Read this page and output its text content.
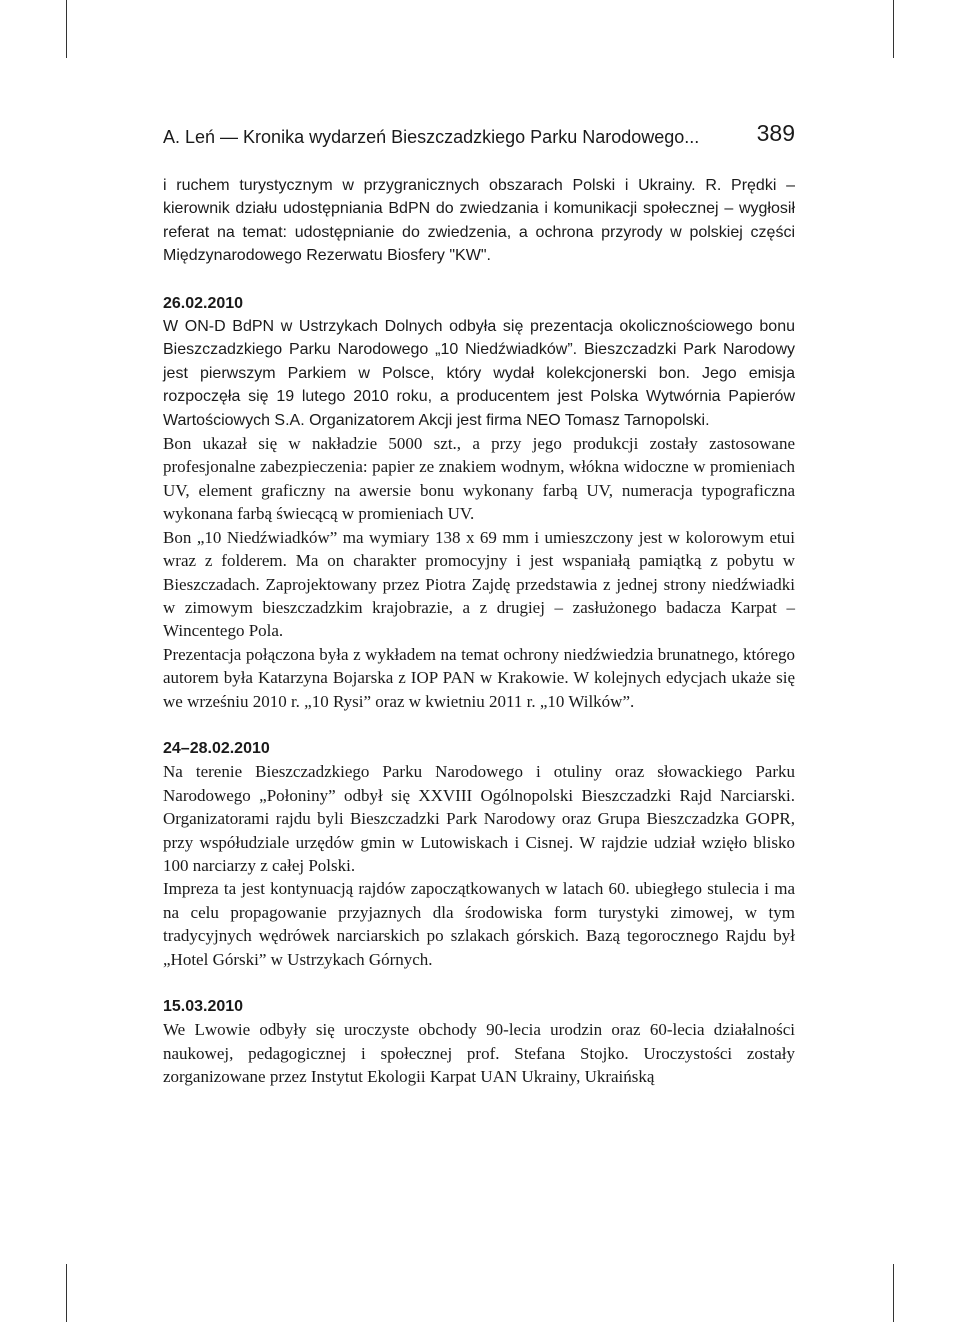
A. Leń — Kronika wydarzeń Bieszczadzkiego Parku Narodowego... 389

i ruchem turystycznym w przygranicznych obszarach Polski i Ukrainy. R. Prędki – kierownik działu udostępniania BdPN do zwiedzania i komunikacji społecznej – wygłosił referat na temat: udostępnianie do zwiedzenia, a ochrona przyrody w polskiej części Międzynarodowego Rezerwatu Biosfery "KW".

26.02.2010

W ON-D BdPN w Ustrzykach Dolnych odbyła się prezentacja okolicznościowego bonu Bieszczadzkiego Parku Narodowego „10 Niedźwiadków”. Bieszczadzki Park Narodowy jest pierwszym Parkiem w Polsce, który wydał kolekcjonerski bon. Jego emisja rozpoczęła się 19 lutego 2010 roku, a producentem jest Polska Wytwórnia Papierów Wartościowych S.A. Organizatorem Akcji jest firma NEO Tomasz Tarnopolski.

Bon ukazał się w nakładzie 5000 szt., a przy jego produkcji zostały zastosowane profesjonalne zabezpieczenia: papier ze znakiem wodnym, włókna widoczne w promieniach UV, element graficzny na awersie bonu wykonany farbą UV, numeracja typograficzna wykonana farbą świecącą w promieniach UV.

Bon „10 Niedźwiadków” ma wymiary 138 x 69 mm i umieszczony jest w kolorowym etui wraz z folderem. Ma on charakter promocyjny i jest wspaniałą pamiątką z pobytu w Bieszczadach. Zaprojektowany przez Piotra Zajdę przedstawia z jednej strony niedźwiadki w zimowym bieszczadzkim krajobrazie, a z drugiej – zasłużonego badacza Karpat – Wincentego Pola.

Prezentacja połączona była z wykładem na temat ochrony niedźwiedzia brunatnego, którego autorem była Katarzyna Bojarska z IOP PAN w Krakowie. W kolejnych edycjach ukaże się we wrześniu 2010 r. „10 Rysi” oraz w kwietniu 2011 r. „10 Wilków”.

24–28.02.2010

Na terenie Bieszczadzkiego Parku Narodowego i otuliny oraz słowackiego Parku Narodowego „Połoniny” odbył się XXVIII Ogólnopolski Bieszczadzki Rajd Narciarski. Organizatorami rajdu byli Bieszczadzki Park Narodowy oraz Grupa Bieszczadzka GOPR, przy współudziale urzędów gmin w Lutowiskach i Cisnej. W rajdzie udział wzięło blisko 100 narciarzy z całej Polski.

Impreza ta jest kontynuacją rajdów zapoczątkowanych w latach 60. ubiegłego stulecia i ma na celu propagowanie przyjaznych dla środowiska form turystyki zimowej, w tym tradycyjnych wędrówek narciarskich po szlakach górskich. Bazą tegorocznego Rajdu był „Hotel Górski” w Ustrzykach Górnych.

15.03.2010

We Lwowie odbyły się uroczyste obchody 90-lecia urodzin oraz 60-lecia działalności naukowej, pedagogicznej i społecznej prof. Stefana Stojko. Uroczystości zostały zorganizowane przez Instytut Ekologii Karpat UAN Ukrainy, Ukraińską
